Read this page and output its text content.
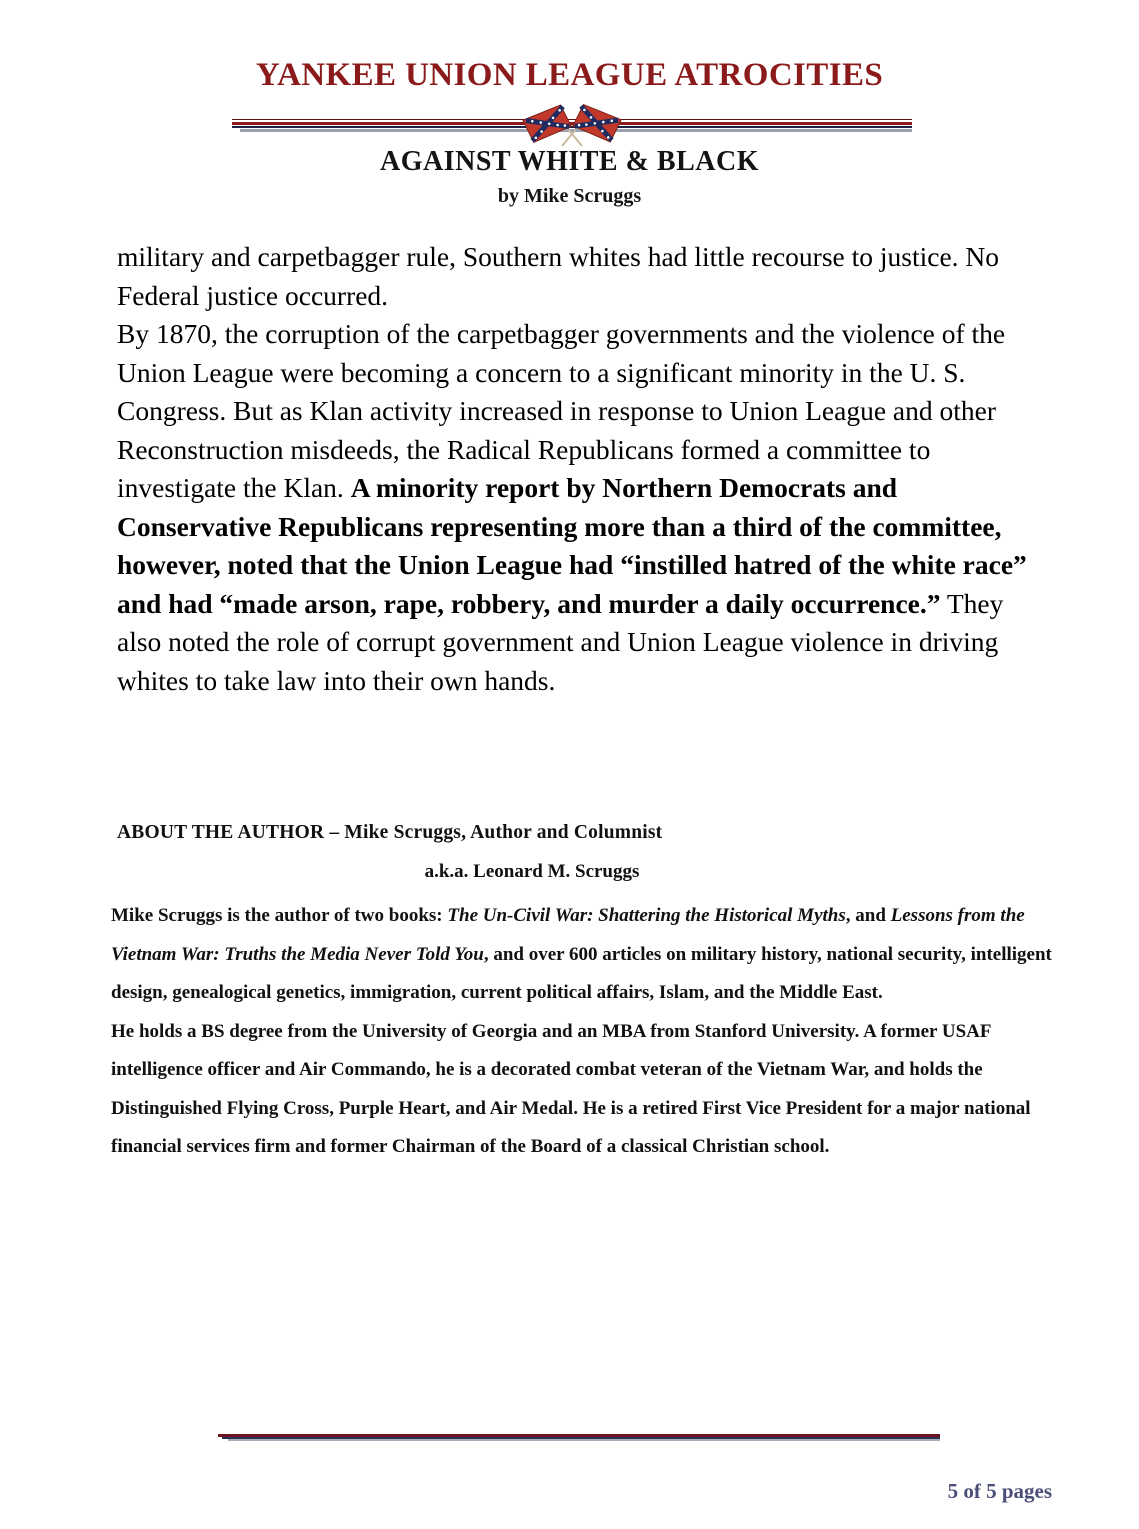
YANKEE UNION LEAGUE ATROCITIES
AGAINST WHITE & BLACK
by Mike Scruggs

military and carpetbagger rule, Southern whites had little recourse to justice. No Federal justice occurred.

By 1870, the corruption of the carpetbagger governments and the violence of the Union League were becoming a concern to a significant minority in the U. S. Congress. But as Klan activity increased in response to Union League and other Reconstruction misdeeds, the Radical Republicans formed a committee to investigate the Klan. A minority report by Northern Democrats and Conservative Republicans representing more than a third of the committee, however, noted that the Union League had “instilled hatred of the white race” and had “made arson, rape, robbery, and murder a daily occurrence.” They also noted the role of corrupt government and Union League violence in driving whites to take law into their own hands.

ABOUT THE AUTHOR – Mike Scruggs, Author and Columnist
a.k.a. Leonard M. Scruggs

Mike Scruggs is the author of two books: The Un-Civil War: Shattering the Historical Myths, and Lessons from the Vietnam War: Truths the Media Never Told You, and over 600 articles on military history, national security, intelligent design, genealogical genetics, immigration, current political affairs, Islam, and the Middle East.

He holds a BS degree from the University of Georgia and an MBA from Stanford University. A former USAF intelligence officer and Air Commando, he is a decorated combat veteran of the Vietnam War, and holds the Distinguished Flying Cross, Purple Heart, and Air Medal. He is a retired First Vice President for a major national financial services firm and former Chairman of the Board of a classical Christian school.

5 of 5 pages
